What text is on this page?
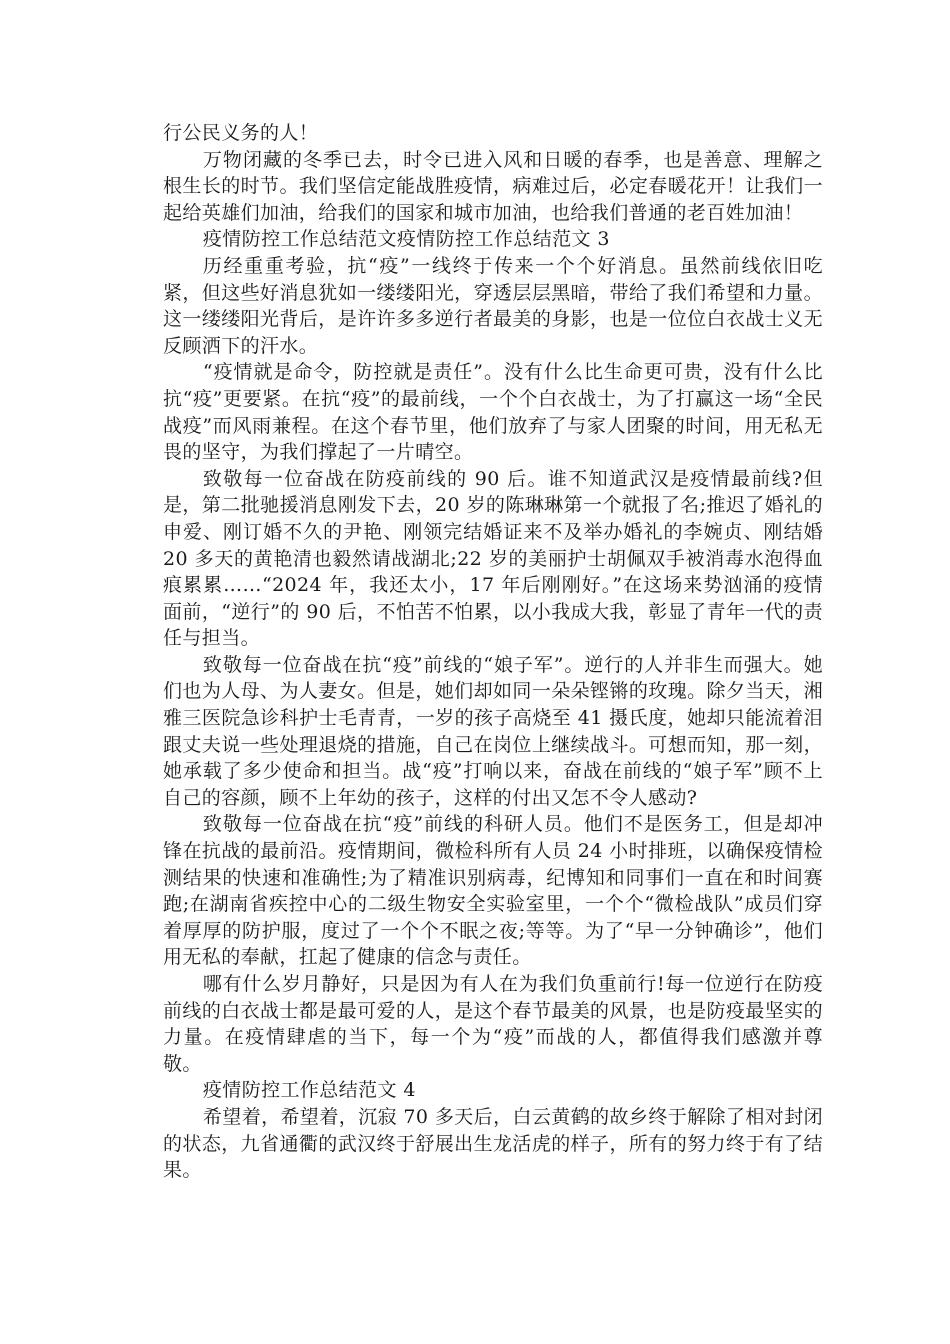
行公民义务的人！

万物闭藏的冬季已去，时令已进入风和日暖的春季，也是善意、理解之根生长的时节。我们坚信定能战胜疫情，病难过后，必定春暖花开！让我们一起给英雄们加油，给我们的国家和城市加油，也给我们普通的老百姓加油！

疫情防控工作总结范文疫情防控工作总结范文 3

历经重重考验，抗“疫”一线终于传来一个个好消息。虽然前线依旧吃紧，但这些好消息犹如一缕缕阳光，穿透层层黑暗，带给了我们希望和力量。这一缕缕阳光背后，是许许多多逆行者最美的身影，也是一位位白衣战士义无反顾洒下的汗水。

“疫情就是命令，防控就是责任”。没有什么比生命更可贵，没有什么比抗“疫”更要紧。在抗“疫”的最前线，一个个白衣战士，为了打赢这一场“全民战疫”而风雨兼程。在这个春节里，他们放弃了与家人团聚的时间，用无私无畏的坚守，为我们撑起了一片晴空。

致敬每一位奋战在防疫前线的 90 后。谁不知道武汉是疫情最前线?但是，第二批驰援消息刚发下去，20 岁的陈琳琳第一个就报了名;推迟了婚礼的申爱、刚订婚不久的尹艳、刚领完结婚证来不及举办婚礼的李婉贞、刚结婚 20 多天的黄艳清也毅然请战湖北;22 岁的美丽护士胡佩双手被消毒水泡得血痕累累……“2024 年，我还太小，17 年后刚刚好。”在这场来势汹涌的疫情面前，“逆行”的 90 后，不怕苦不怕累，以小我成大我，彰显了青年一代的责任与担当。

致敬每一位奋战在抗“疫”前线的“娘子军”。逆行的人并非生而强大。她们也为人母、为人妻女。但是，她们却如同一朵朵铿锵的玫瑰。除夕当天，湘雅三医院急诊科护士毛青青，一岁的孩子高烧至 41 摄氏度，她却只能流着泪跟丈夫说一些处理退烧的措施，自己在岗位上继续战斗。可想而知，那一刻，她承载了多少使命和担当。战“疫”打响以来，奋战在前线的“娘子军”顾不上自己的容颜，顾不上年幼的孩子，这样的付出又怎不令人感动?

致敬每一位奋战在抗“疫”前线的科研人员。他们不是医务工，但是却冲锋在抗战的最前沿。疫情期间，微检科所有人员 24 小时排班，以确保疫情检测结果的快速和准确性;为了精准识别病毒，纪博知和同事们一直在和时间赛跑;在湖南省疾控中心的二级生物安全实验室里，一个个“微检战队”成员们穿着厚厚的防护服，度过了一个个不眠之夜;等等。为了“早一分钟确诊”，他们用无私的奉献，扛起了健康的信念与责任。

哪有什么岁月静好，只是因为有人在为我们负重前行!每一位逆行在防疫前线的白衣战士都是最可爱的人，是这个春节最美的风景，也是防疫最坚实的力量。在疫情肆虐的当下，每一个为“疫”而战的人，都值得我们感激并尊敬。

疫情防控工作总结范文 4

希望着，希望着，沉寂 70 多天后，白云黄鹤的故乡终于解除了相对封闭的状态，九省通衢的武汉终于舒展出生龙活虎的样子，所有的努力终于有了结果。
